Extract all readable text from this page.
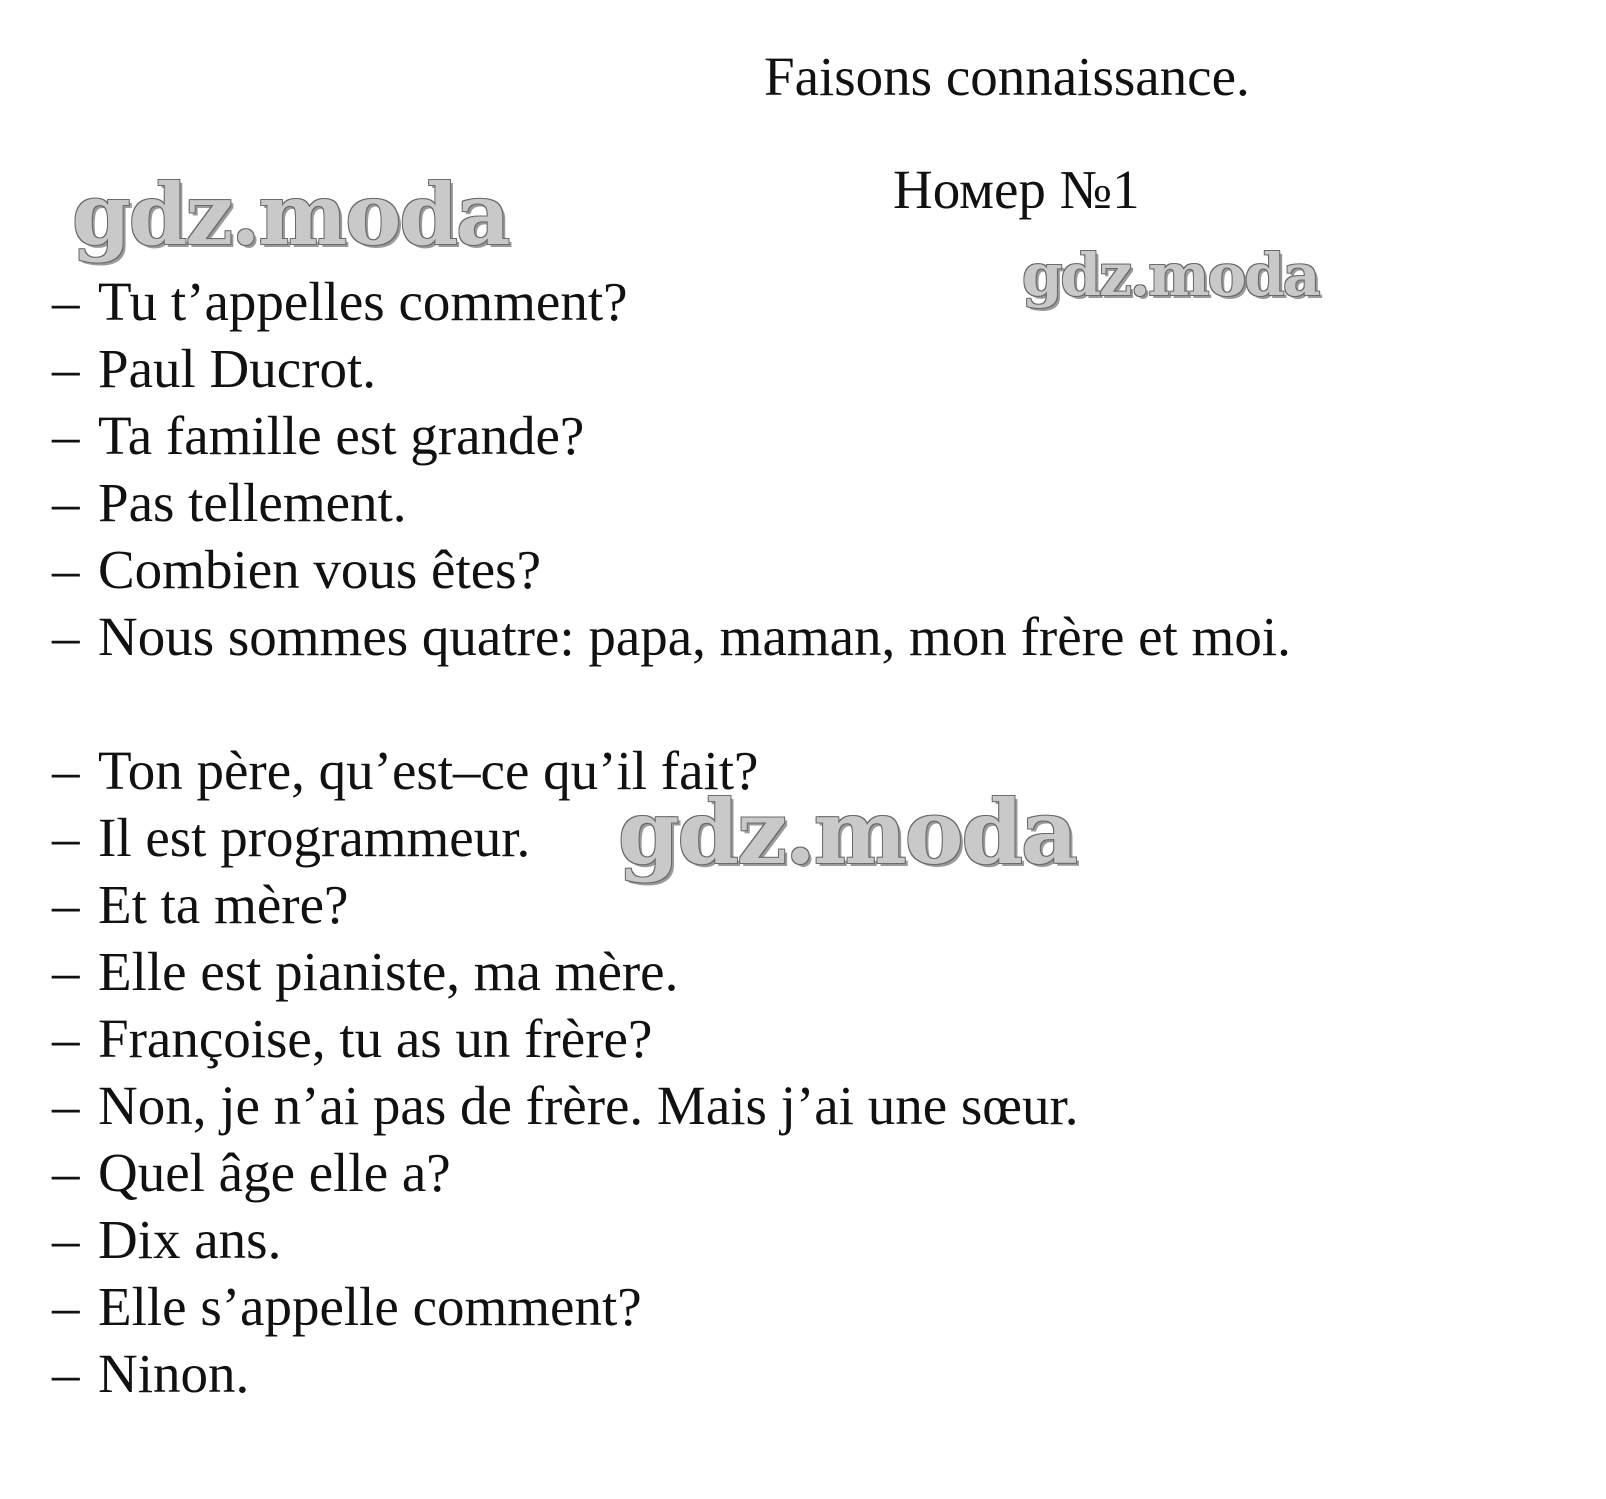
Faisons connaissance.
Номер №1
gdz.moda
gdz.moda
gdz.moda
– Tu t’appelles comment?
– Paul Ducrot.
– Ta famille est grande?
– Pas tellement.
– Combien vous êtes?
– Nous sommes quatre: papa, maman, mon frère et moi.
– Ton père, qu’est–ce qu’il fait?
– Il est programmeur.
– Et ta mère?
– Elle est pianiste, ma mère.
– Françoise, tu as un frère?
– Non, je n’ai pas de frère. Mais j’ai une sœur.
– Quel âge elle a?
– Dix ans.
– Elle s’appelle comment?
– Ninon.
